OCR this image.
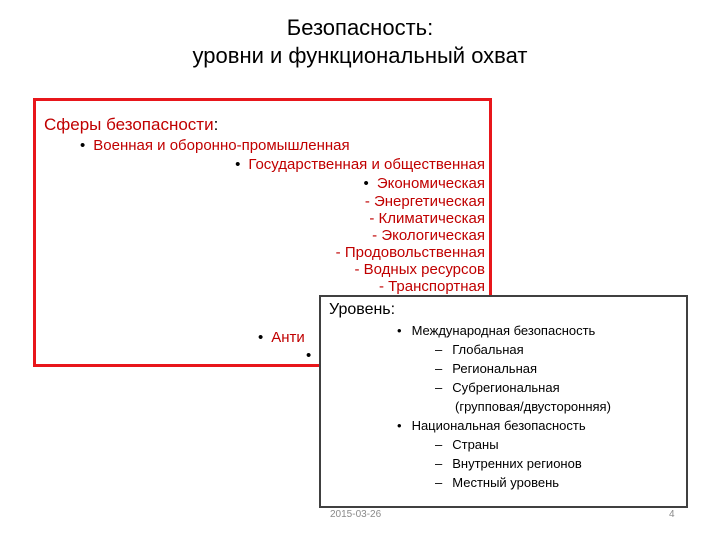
Безопасность:
уровни и функциональный охват
Сферы безопасности:
• Военная и оборонно-промышленная
• Государственная и общественная
• Экономическая
- Энергетическая
- Климатическая
- Экологическая
- Продовольственная
- Водных ресурсов
- Транспортная
• Анти
•
Уровень:
• Международная безопасность
– Глобальная
– Региональная
– Субрегиональная
(групповая/двусторонняя)
• Национальная безопасность
– Страны
– Внутренних регионов
– Местный уровень
2015-03-26	4
